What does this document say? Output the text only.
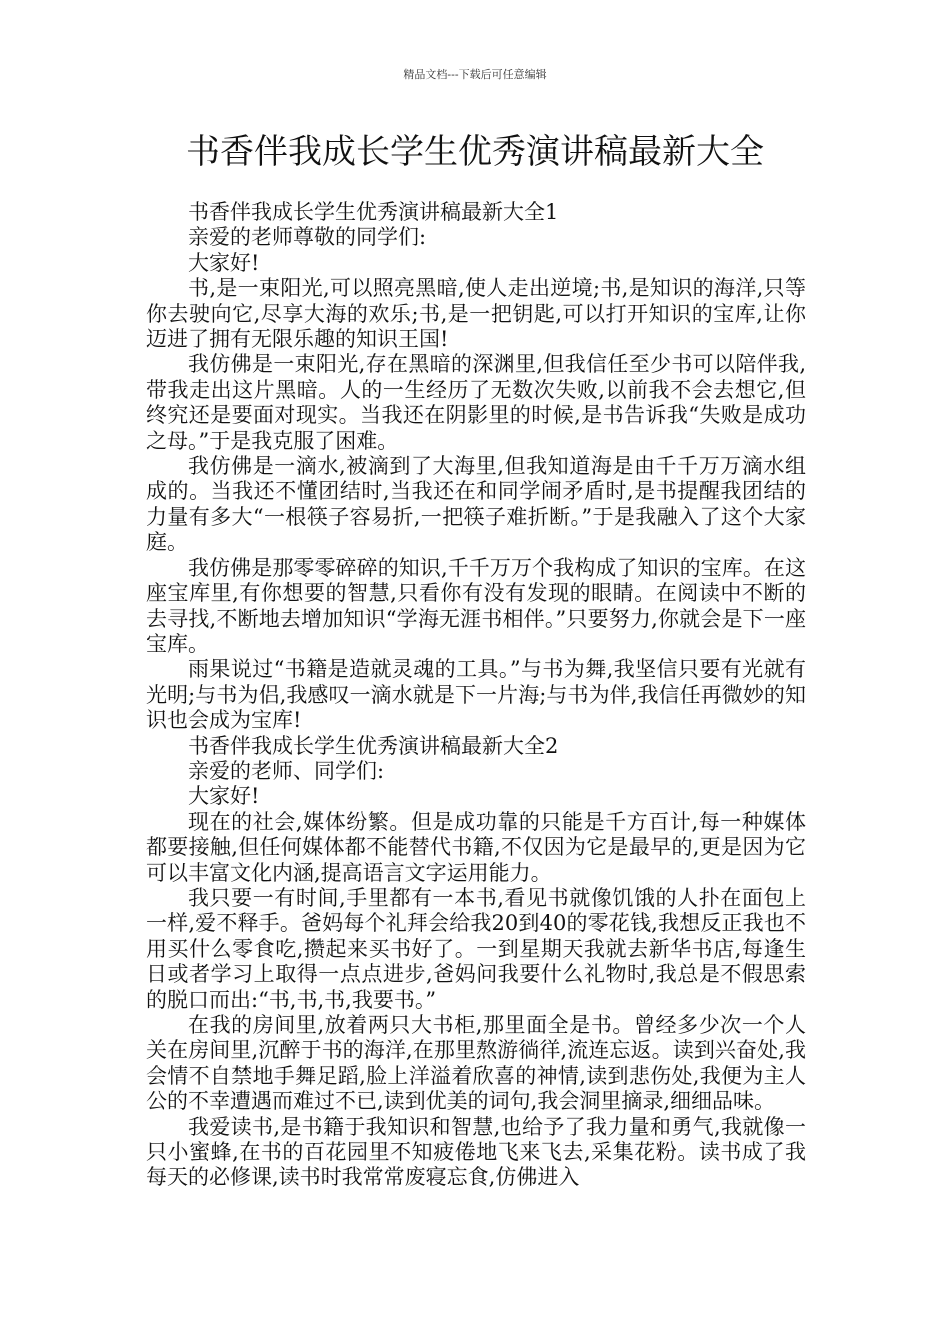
精品文档---下载后可任意编辑
书香伴我成长学生优秀演讲稿最新大全

书香伴我成长学生优秀演讲稿最新大全1

亲爱的老师尊敬的同学们:

大家好!

书,是一束阳光,可以照亮黑暗,使人走出逆境;书,是知识的海洋,只等你去驶向它,尽享大海的欢乐;书,是一把钥匙,可以打开知识的宝库,让你迈进了拥有无限乐趣的知识王国!

我仿佛是一束阳光,存在黑暗的深渊里,但我信任至少书可以陪伴我,带我走出这片黑暗。人的一生经历了无数次失败,以前我不会去想它,但终究还是要面对现实。当我还在阴影里的时候,是书告诉我“失败是成功之母。”于是我克服了困难。

我仿佛是一滴水,被滴到了大海里,但我知道海是由千千万万滴水组成的。当我还不懂团结时,当我还在和同学闹矛盾时,是书提醒我团结的力量有多大“一根筷子容易折,一把筷子难折断。”于是我融入了这个大家庭。

我仿佛是那零零碎碎的知识,千千万万个我构成了知识的宝库。在这座宝库里,有你想要的智慧,只看你有没有发现的眼睛。在阅读中不断的去寻找,不断地去增加知识“学海无涯书相伴。”只要努力,你就会是下一座宝库。

雨果说过“书籍是造就灵魂的工具。”与书为舞,我坚信只要有光就有光明;与书为侣,我感叹一滴水就是下一片海;与书为伴,我信任再微妙的知识也会成为宝库!

书香伴我成长学生优秀演讲稿最新大全2

亲爱的老师、同学们:

大家好!

现在的社会,媒体纷繁。但是成功靠的只能是千方百计,每一种媒体都要接触,但任何媒体都不能替代书籍,不仅因为它是最早的,更是因为它可以丰富文化内涵,提高语言文字运用能力。

我只要一有时间,手里都有一本书,看见书就像饥饿的人扑在面包上一样,爱不释手。爸妈每个礼拜会给我20到40的零花钱,我想反正我也不用买什么零食吃,攒起来买书好了。一到星期天我就去新华书店,每逢生日或者学习上取得一点点进步,爸妈问我要什么礼物时,我总是不假思索的脱口而出:“书,书,书,我要书。”

在我的房间里,放着两只大书柜,那里面全是书。曾经多少次一个人关在房间里,沉醉于书的海洋,在那里熬游徜徉,流连忘返。读到兴奋处,我会情不自禁地手舞足蹈,脸上洋溢着欣喜的神情,读到悲伤处,我便为主人公的不幸遭遇而难过不已,读到优美的词句,我会洞里摘录,细细品味。

我爱读书,是书籍于我知识和智慧,也给予了我力量和勇气,我就像一只小蜜蜂,在书的百花园里不知疲倦地飞来飞去,采集花粉。读书成了我每天的必修课,读书时我常常废寝忘食,仿佛进入
